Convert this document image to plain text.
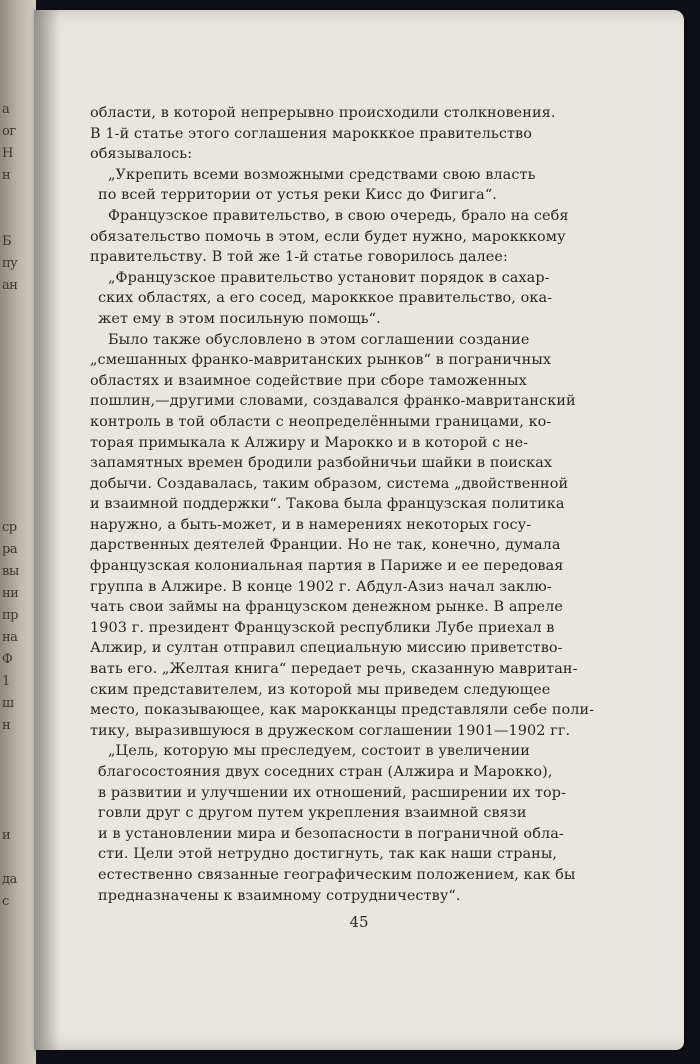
a
ог
Н
н
Б
пу
ан
ср
ра
вы
ни
пр
на
Ф
1
ш
н
и
да
с
45
области, в которой непрерывно происходили столкновения.
В 1-й статье этого соглашения марокккое правительство
обязывалось:
„Укрепить всеми возможными средствами свою власть
по всей территории от устья реки Кисс до Фигига“.
Французское правительство, в свою очередь, брало на себя
обязательство помочь в этом, если будет нужно, марокккому
правительству. В той же 1-й статье говорилось далее:
„Французское правительство установит порядок в сахар-
ских областях, а его сосед, марокккое правительство, ока-
жет ему в этом посильную помощь“.
Было также обусловлено в этом соглашении создание
„смешанных франко-мавританских рынков“ в пограничных
областях и взаимное содействие при сборе таможенных
пошлин,—другими словами, создавался франко-мавританский
контроль в той области с неопределёнными границами, ко-
торая примыкала к Алжиру и Марокко и в которой с не-
запамятных времен бродили разбойничьи шайки в поисках
добычи. Создавалась, таким образом, система „двойственной
и взаимной поддержки“. Такова была французская политика
наружно, а быть-может, и в намерениях некоторых госу-
дарственных деятелей Франции. Но не так, конечно, думала
французская колониальная партия в Париже и ее передовая
группа в Алжире. В конце 1902 г. Абдул-Азиз начал заклю-
чать свои займы на французском денежном рынке. В апреле
1903 г. президент Французской республики Лубе приехал в
Алжир, и султан отправил специальную миссию приветство-
вать его. „Желтая книга“ передает речь, сказанную мавритан-
ским представителем, из которой мы приведем следующее
место, показывающее, как марокканцы представляли себе поли-
тику, выразившуюся в дружеском соглашении 1901—1902 гг.
„Цель, которую мы преследуем, состоит в увеличении
благосостояния двух соседних стран (Алжира и Марокко),
в развитии и улучшении их отношений, расширении их тор-
говли друг с другом путем укрепления взаимной связи
и в установлении мира и безопасности в пограничной обла-
сти. Цели этой нетрудно достигнуть, так как наши страны,
естественно связанные географическим положением, как бы
предназначены к взаимному сотрудничеству“.
